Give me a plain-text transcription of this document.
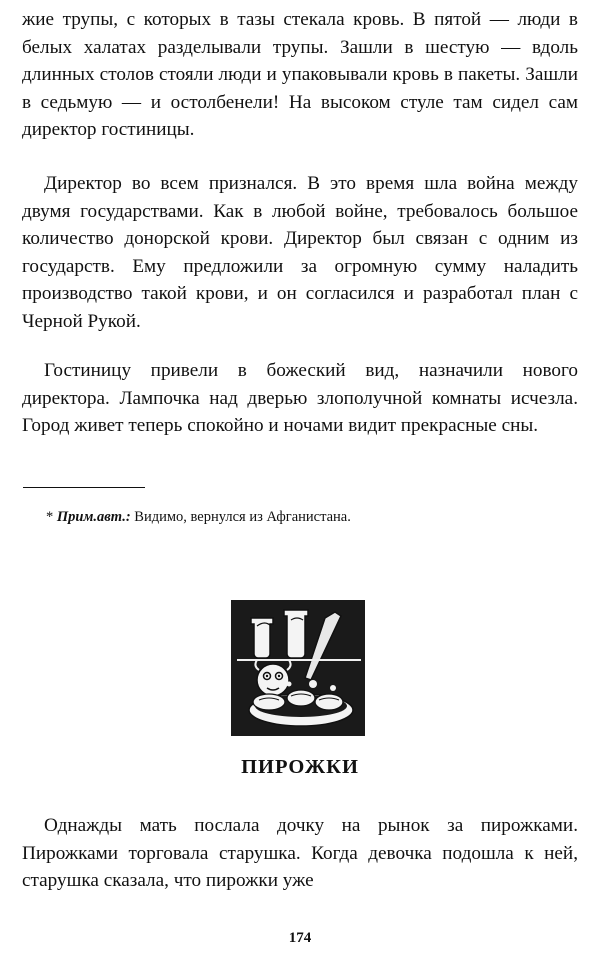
жие трупы, с которых в тазы стекала кровь. В пятой — люди в белых халатах разделывали трупы. Зашли в шестую — вдоль длинных столов стояли люди и упаковывали кровь в пакеты. Зашли в седьмую — и остолбенели! На высоком стуле там сидел сам директор гостиницы.

Директор во всем признался. В это время шла война между двумя государствами. Как в любой войне, требовалось большое количество донорской крови. Директор был связан с одним из государств. Ему предложили за огромную сумму наладить производство такой крови, и он согласился и разработал план с Черной Рукой.

Гостиницу привели в божеский вид, назначили нового директора. Лампочка над дверью злополучной комнаты исчезла. Город живет теперь спокойно и ночами видит прекрасные сны.

* Прим.авт.: Видимо, вернулся из Афганистана.
ПИРОЖКИ

Однажды мать послала дочку на рынок за пирожками. Пирожками торговала старушка. Когда девочка подошла к ней, старушка сказала, что пирожки уже

174
